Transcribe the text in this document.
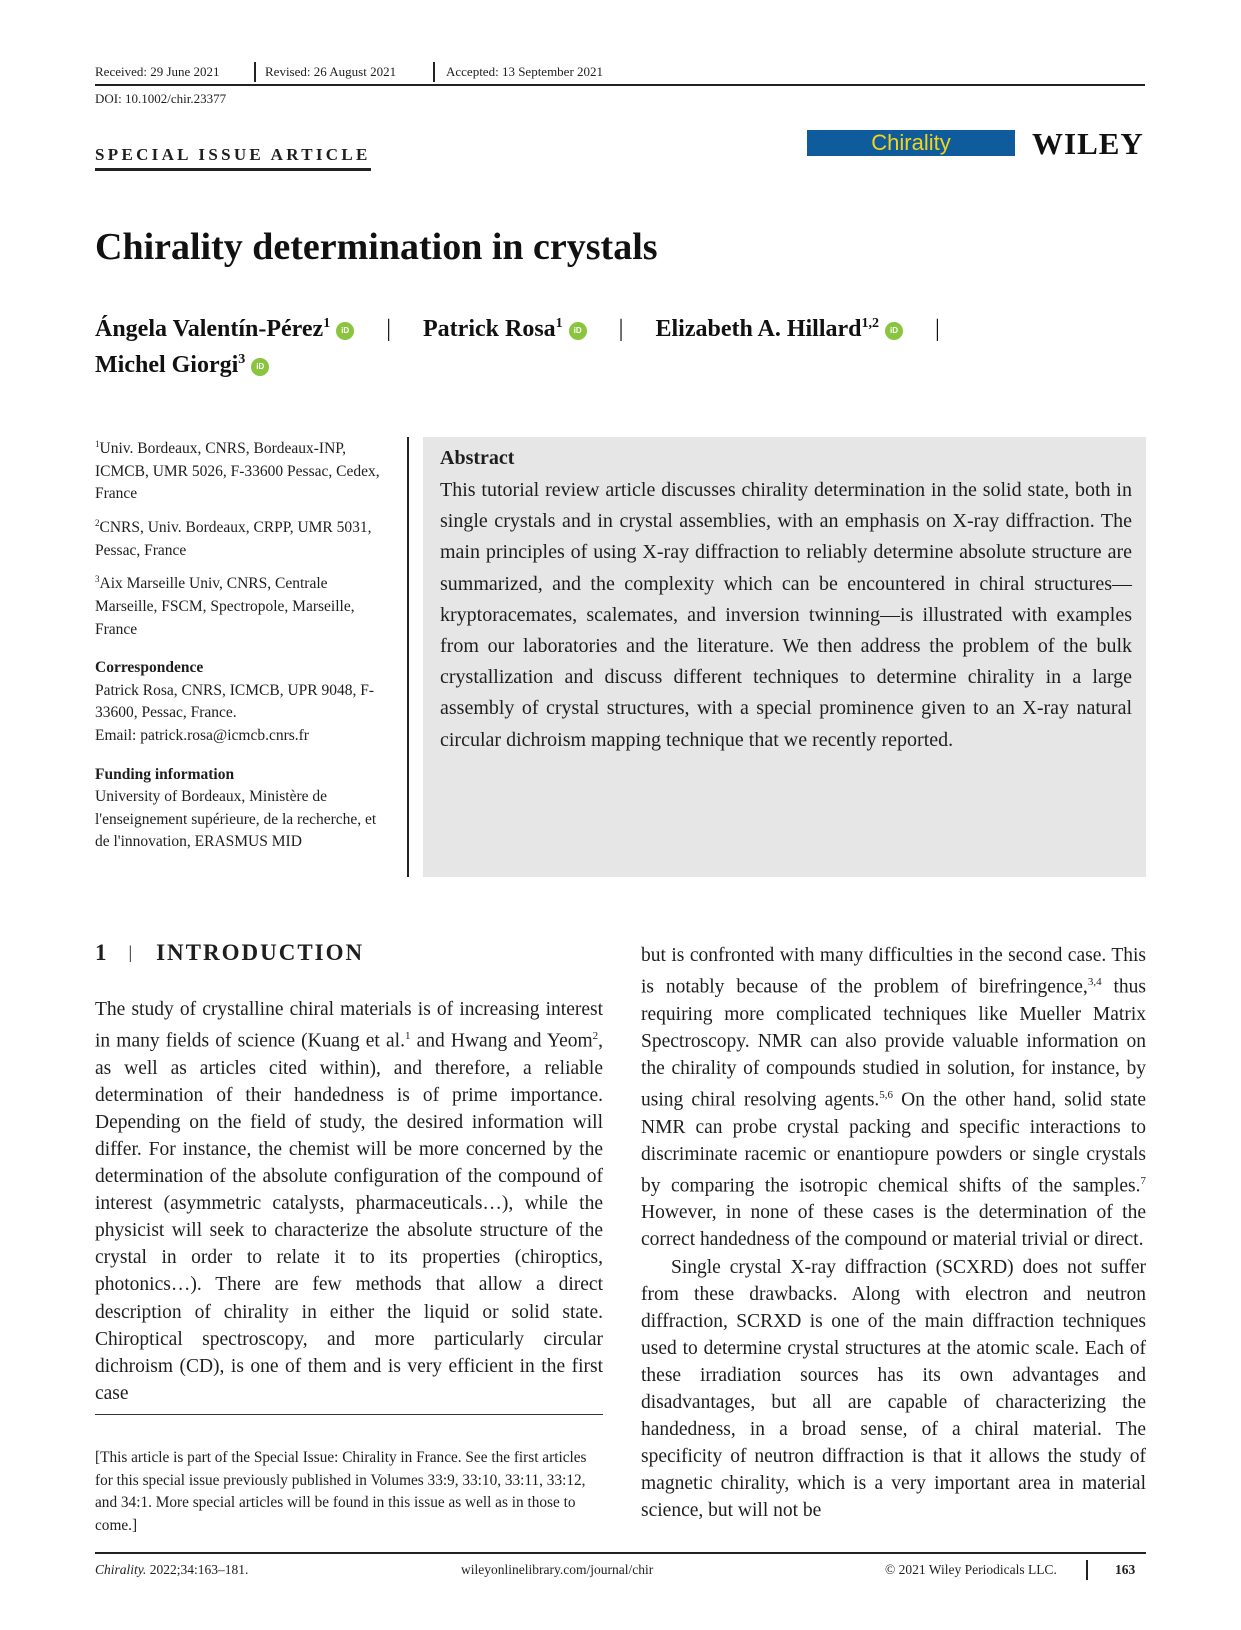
Received: 29 June 2021	Revised: 26 August 2021	Accepted: 13 September 2021
DOI: 10.1002/chir.23377
SPECIAL ISSUE ARTICLE	Chirality	WILEY
Chirality determination in crystals
Ángela Valentín-Pérez$^1$ iD | Patrick Rosa$^1$ iD | Elizabeth A. Hillard$^{1,2}$ iD |
Michel Giorgi$^3$ iD

$^1$Univ. Bordeaux, CNRS, Bordeaux-INP, ICMCB, UMR 5026, F-33600 Pessac, Cedex, France

$^2$CNRS, Univ. Bordeaux, CRPP, UMR 5031, Pessac, France

$^3$Aix Marseille Univ, CNRS, Centrale Marseille, FSCM, Spectropole, Marseille, France

Correspondence
Patrick Rosa, CNRS, ICMCB, UPR 9048, F-33600, Pessac, France.
Email: patrick.rosa@icmcb.cnrs.fr
Funding information
University of Bordeaux, Ministère de l'enseignement supérieure, de la recherche, et de l'innovation, ERASMUS MID
Abstract

This tutorial review article discusses chirality determination in the solid state, both in single crystals and in crystal assemblies, with an emphasis on X-ray diffraction. The main principles of using X-ray diffraction to reliably determine absolute structure are summarized, and the complexity which can be encountered in chiral structures—kryptoracemates, scalemates, and inversion twinning—is illustrated with examples from our laboratories and the literature. We then address the problem of the bulk crystallization and discuss different techniques to determine chirality in a large assembly of crystal structures, with a special prominence given to an X-ray natural circular dichroism mapping technique that we recently reported.

1 | INTRODUCTION

The study of crystalline chiral materials is of increasing interest in many fields of science (Kuang et al.$^1$ and Hwang and Yeom$^2$, as well as articles cited within), and therefore, a reliable determination of their handedness is of prime importance. Depending on the field of study, the desired information will differ. For instance, the chemist will be more concerned by the determination of the absolute configuration of the compound of interest (asymmetric catalysts, pharmaceuticals…), while the physicist will seek to characterize the absolute structure of the crystal in order to relate it to its properties (chiroptics, photonics…). There are few methods that allow a direct description of chirality in either the liquid or solid state. Chiroptical spectroscopy, and more particularly circular dichroism (CD), is one of them and is very efficient in the first case

but is confronted with many difficulties in the second case. This is notably because of the problem of birefringence,$^{3,4}$ thus requiring more complicated techniques like Mueller Matrix Spectroscopy. NMR can also provide valuable information on the chirality of compounds studied in solution, for instance, by using chiral resolving agents.$^{5,6}$ On the other hand, solid state NMR can probe crystal packing and specific interactions to discriminate racemic or enantiopure powders or single crystals by comparing the isotropic chemical shifts of the samples.$^7$ However, in none of these cases is the determination of the correct handedness of the compound or material trivial or direct.

Single crystal X-ray diffraction (SCXRD) does not suffer from these drawbacks. Along with electron and neutron diffraction, SCRXD is one of the main diffraction techniques used to determine crystal structures at the atomic scale. Each of these irradiation sources has its own advantages and disadvantages, but all are capable of characterizing the handedness, in a broad sense, of a chiral material. The specificity of neutron diffraction is that it allows the study of magnetic chirality, which is a very important area in material science, but will not be

[This article is part of the Special Issue: Chirality in France. See the first articles for this special issue previously published in Volumes 33:9, 33:10, 33:11, 33:12, and 34:1. More special articles will be found in this issue as well as in those to come.]

Chirality. 2022;34:163–181.	wileyonlinelibrary.com/journal/chir	© 2021 Wiley Periodicals LLC.	163
